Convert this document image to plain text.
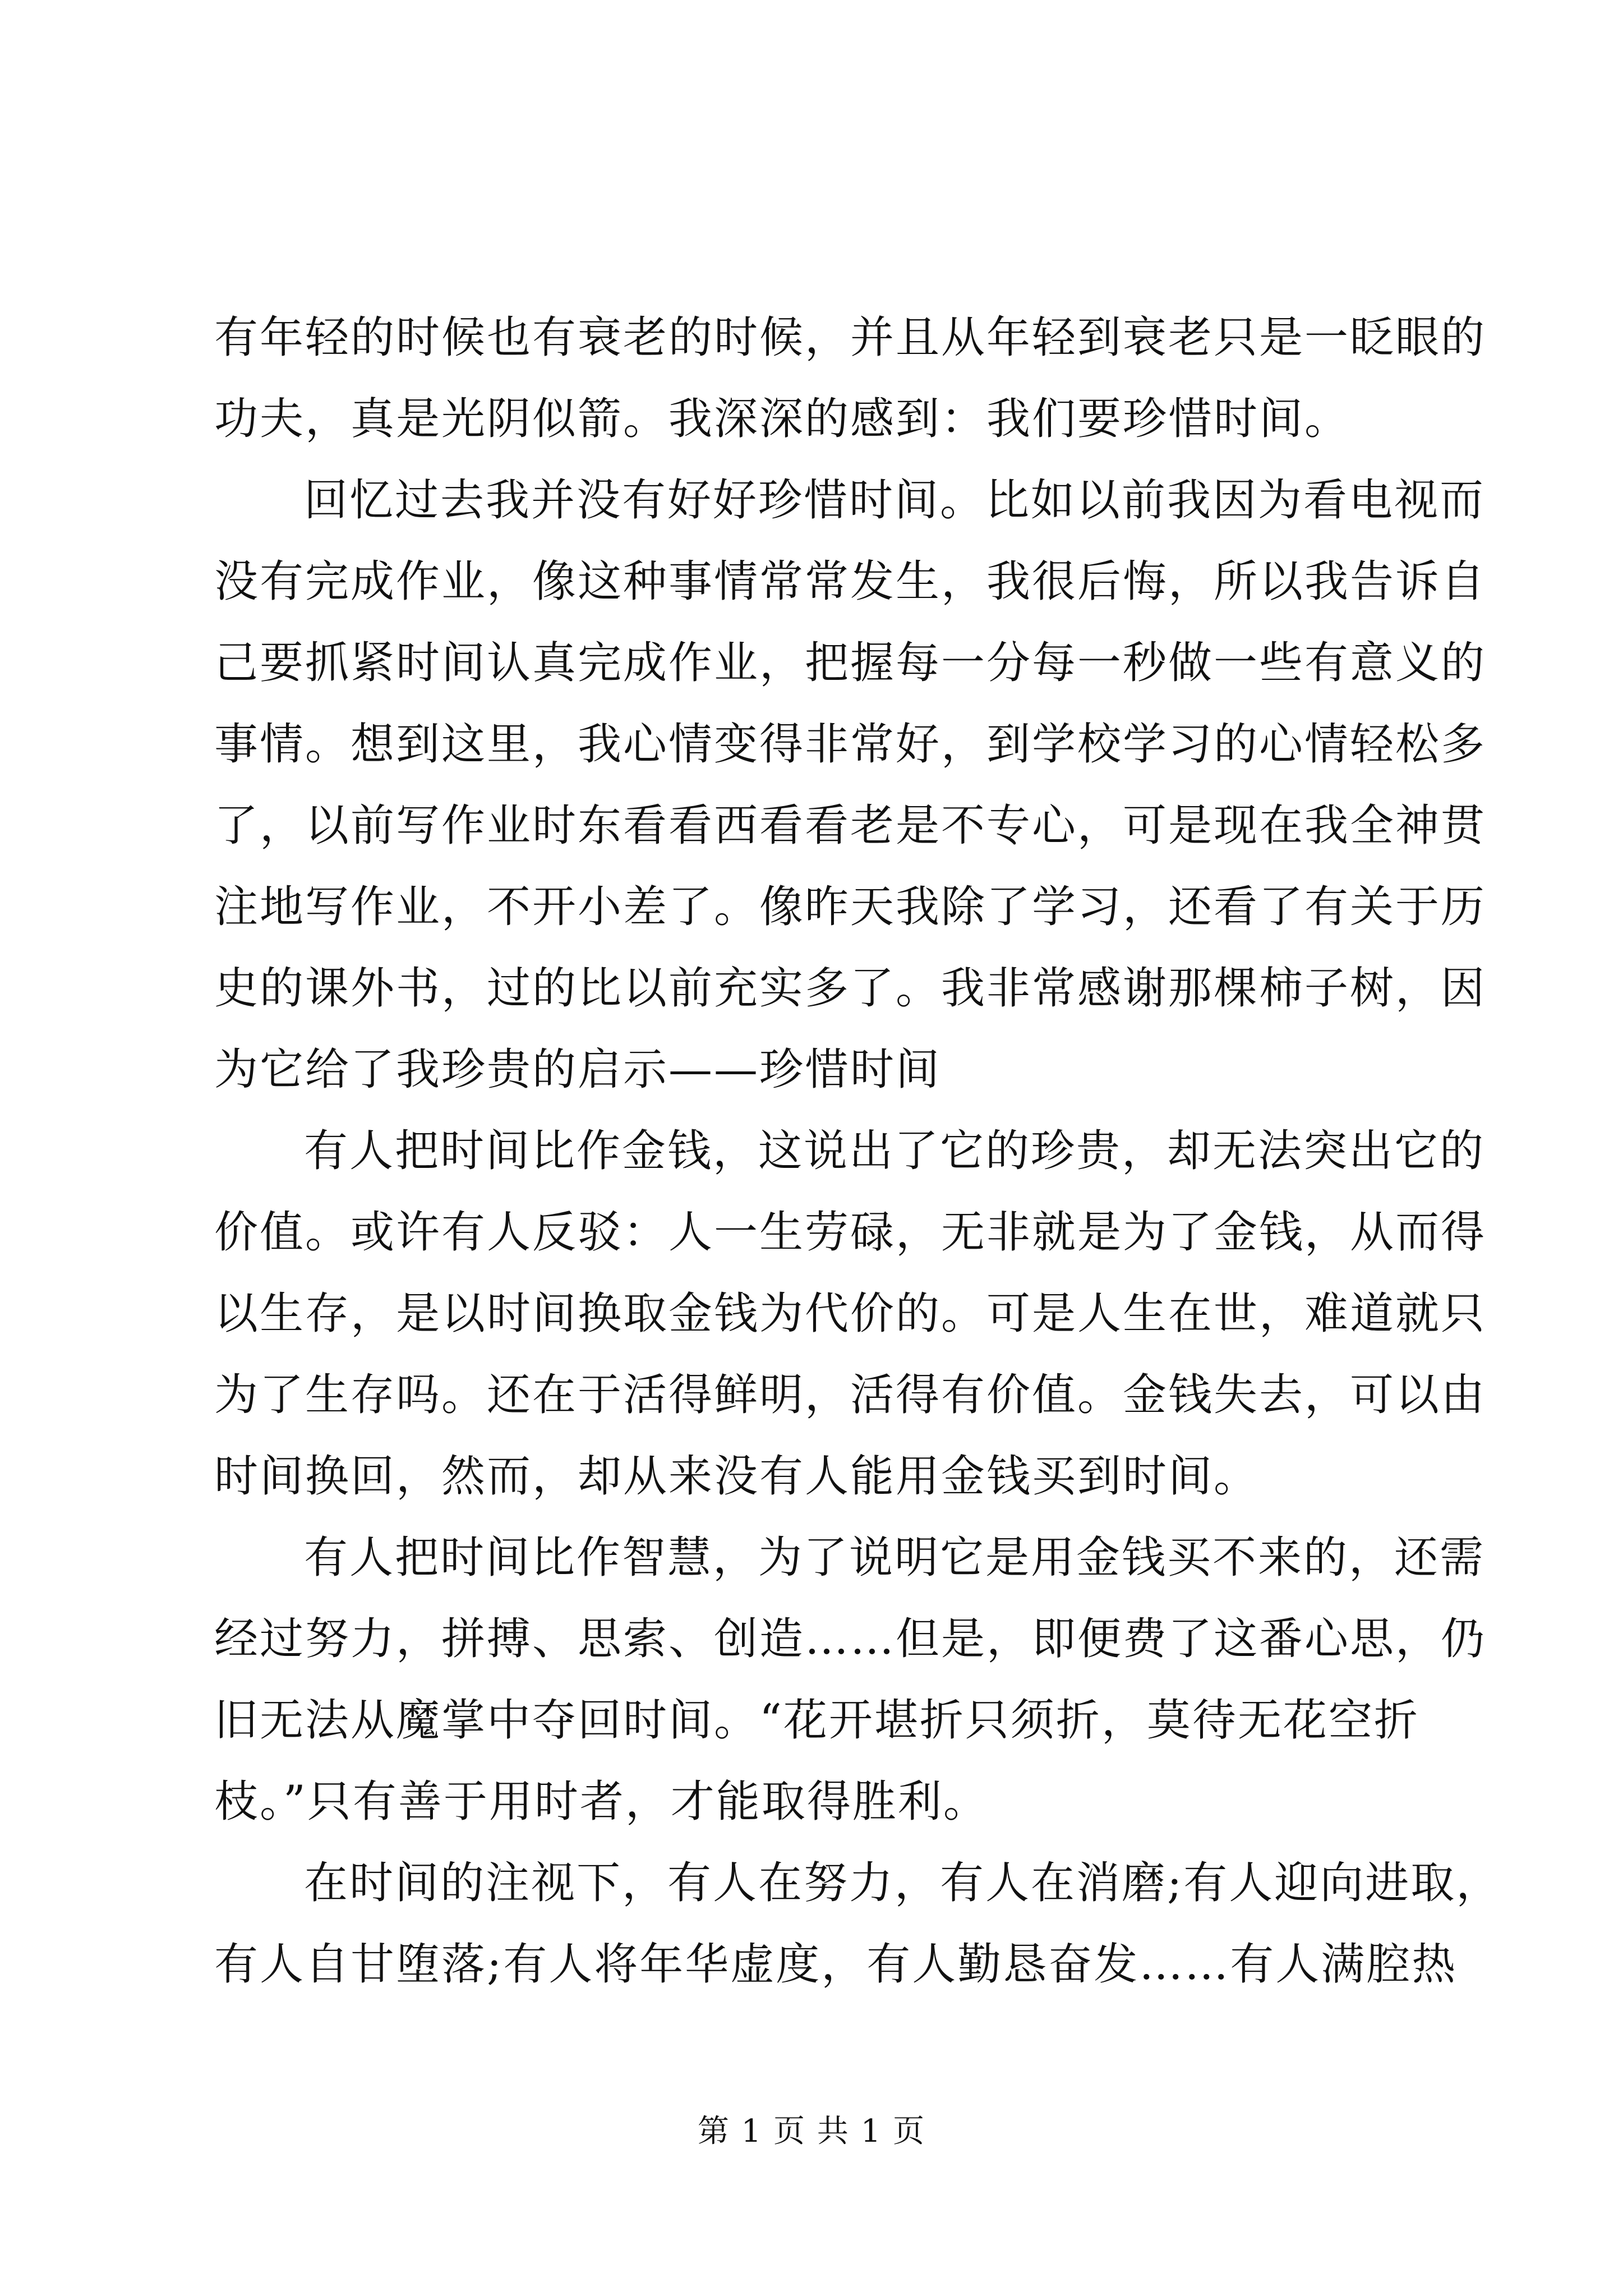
有年轻的时候也有衰老的时候，并且从年轻到衰老只是一眨眼的
功夫，真是光阴似箭。我深深的感到：我们要珍惜时间。
回忆过去我并没有好好珍惜时间。比如以前我因为看电视而
没有完成作业，像这种事情常常发生，我很后悔，所以我告诉自
己要抓紧时间认真完成作业，把握每一分每一秒做一些有意义的
事情。想到这里，我心情变得非常好，到学校学习的心情轻松多
了，以前写作业时东看看西看看老是不专心，可是现在我全神贯
注地写作业，不开小差了。像昨天我除了学习，还看了有关于历
史的课外书，过的比以前充实多了。我非常感谢那棵柿子树，因
为它给了我珍贵的启示——珍惜时间
有人把时间比作金钱，这说出了它的珍贵，却无法突出它的
价值。或许有人反驳：人一生劳碌，无非就是为了金钱，从而得
以生存，是以时间换取金钱为代价的。可是人生在世，难道就只
为了生存吗。还在于活得鲜明，活得有价值。金钱失去，可以由
时间换回，然而，却从来没有人能用金钱买到时间。
有人把时间比作智慧，为了说明它是用金钱买不来的，还需
经过努力，拼搏、思索、创造……但是，即便费了这番心思，仍
旧无法从魔掌中夺回时间。“花开堪折只须折，莫待无花空折
枝。”只有善于用时者，才能取得胜利。
在时间的注视下，有人在努力，有人在消磨;有人迎向进取，
有人自甘堕落;有人将年华虚度，有人勤恳奋发……有人满腔热
第 1 页 共 1 页
